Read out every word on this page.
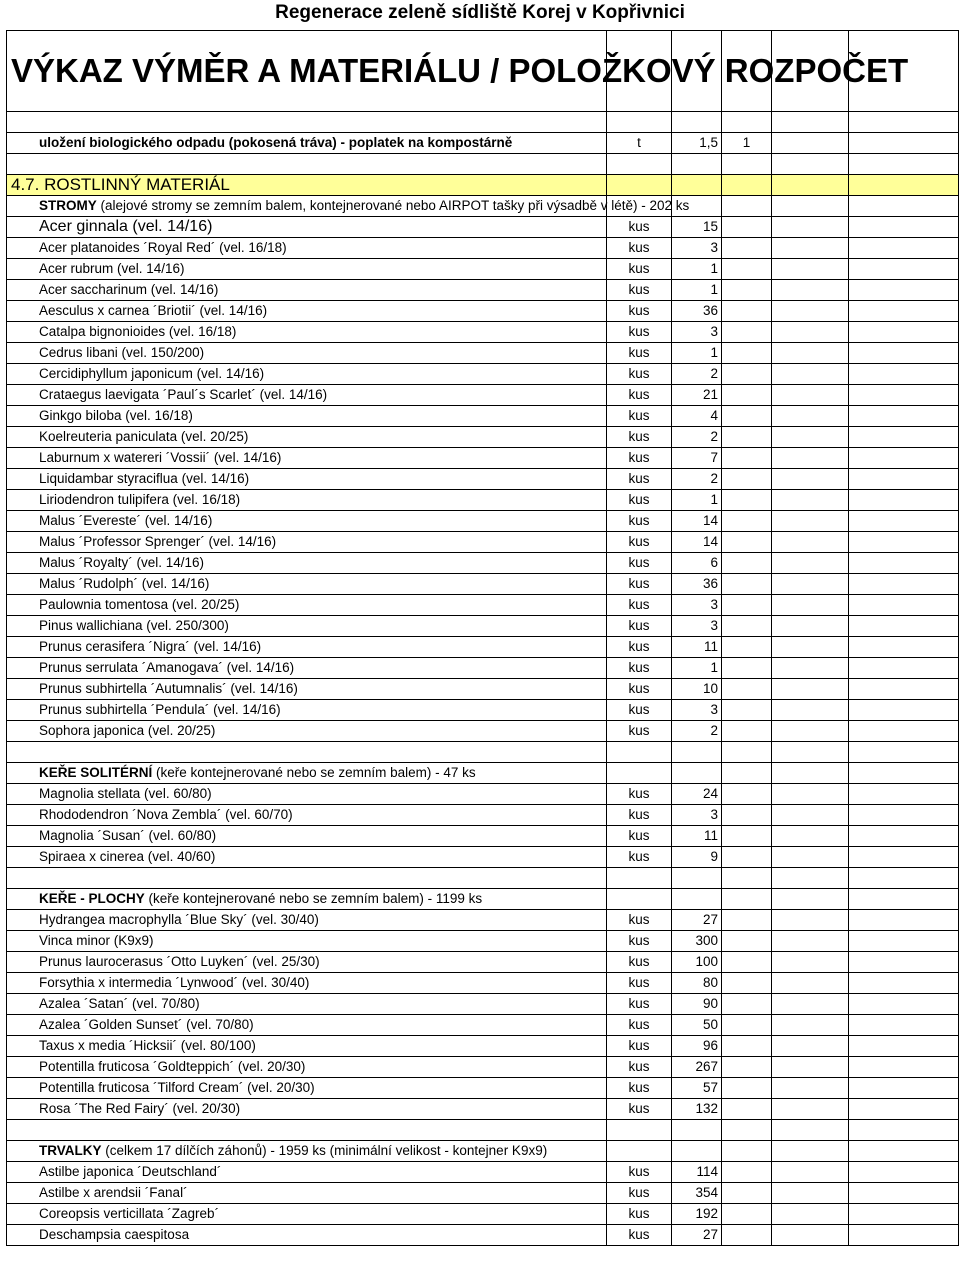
Regenerace zeleně sídliště Korej v Kopřivnici
VÝKAZ VÝMĚR A MATERIÁLU / POLOŽKOVÝ ROZPOČET					

uložení biologického odpadu (pokosená tráva) - poplatek na kompostárně	t	1,5	1		

4.7. ROSTLINNÝ MATERIÁL					
STROMY (alejové stromy se zemním balem, kontejnerované nebo AIRPOT tašky při výsadbě v létě) - 202 ks					
Acer ginnala (vel. 14/16)	kus	15			
Acer platanoides ´Royal Red´ (vel. 16/18)	kus	3			
Acer rubrum (vel. 14/16)	kus	1			
Acer saccharinum (vel. 14/16)	kus	1			
Aesculus x carnea ´Briotii´ (vel. 14/16)	kus	36			
Catalpa bignonioides (vel. 16/18)	kus	3			
Cedrus libani (vel. 150/200)	kus	1			
Cercidiphyllum japonicum (vel. 14/16)	kus	2			
Crataegus laevigata ´Paul´s Scarlet´ (vel. 14/16)	kus	21			
Ginkgo biloba (vel. 16/18)	kus	4			
Koelreuteria paniculata (vel. 20/25)	kus	2			
Laburnum x watereri ´Vossii´ (vel. 14/16)	kus	7			
Liquidambar styraciflua (vel. 14/16)	kus	2			
Liriodendron tulipifera (vel. 16/18)	kus	1			
Malus ´Evereste´ (vel. 14/16)	kus	14			
Malus ´Professor Sprenger´ (vel. 14/16)	kus	14			
Malus ´Royalty´ (vel. 14/16)	kus	6			
Malus ´Rudolph´ (vel. 14/16)	kus	36			
Paulownia tomentosa (vel. 20/25)	kus	3			
Pinus wallichiana (vel. 250/300)	kus	3			
Prunus cerasifera ´Nigra´ (vel. 14/16)	kus	11			
Prunus serrulata ´Amanogava´ (vel. 14/16)	kus	1			
Prunus subhirtella ´Autumnalis´ (vel. 14/16)	kus	10			
Prunus subhirtella ´Pendula´ (vel. 14/16)	kus	3			
Sophora japonica (vel. 20/25)	kus	2			

KEŘE SOLITÉRNÍ (keře kontejnerované nebo se zemním balem) - 47 ks					
Magnolia stellata (vel. 60/80)	kus	24			
Rhododendron ´Nova Zembla´ (vel. 60/70)	kus	3			
Magnolia ´Susan´ (vel. 60/80)	kus	11			
Spiraea x cinerea (vel. 40/60)	kus	9			

KEŘE - PLOCHY (keře kontejnerované nebo se zemním balem) - 1199 ks					
Hydrangea macrophylla ´Blue Sky´ (vel. 30/40)	kus	27			
Vinca minor (K9x9)	kus	300			
Prunus laurocerasus ´Otto Luyken´ (vel. 25/30)	kus	100			
Forsythia x intermedia ´Lynwood´ (vel. 30/40)	kus	80			
Azalea ´Satan´ (vel. 70/80)	kus	90			
Azalea ´Golden Sunset´ (vel. 70/80)	kus	50			
Taxus x media ´Hicksii´ (vel. 80/100)	kus	96			
Potentilla fruticosa ´Goldteppich´ (vel. 20/30)	kus	267			
Potentilla fruticosa ´Tilford Cream´ (vel. 20/30)	kus	57			
Rosa ´The Red Fairy´ (vel. 20/30)	kus	132			

TRVALKY (celkem 17 dílčích záhonů) - 1959 ks (minimální velikost - kontejner K9x9)					
Astilbe japonica ´Deutschland´	kus	114			
Astilbe x arendsii ´Fanal´	kus	354			
Coreopsis verticillata ´Zagreb´	kus	192			
Deschampsia caespitosa	kus	27			
